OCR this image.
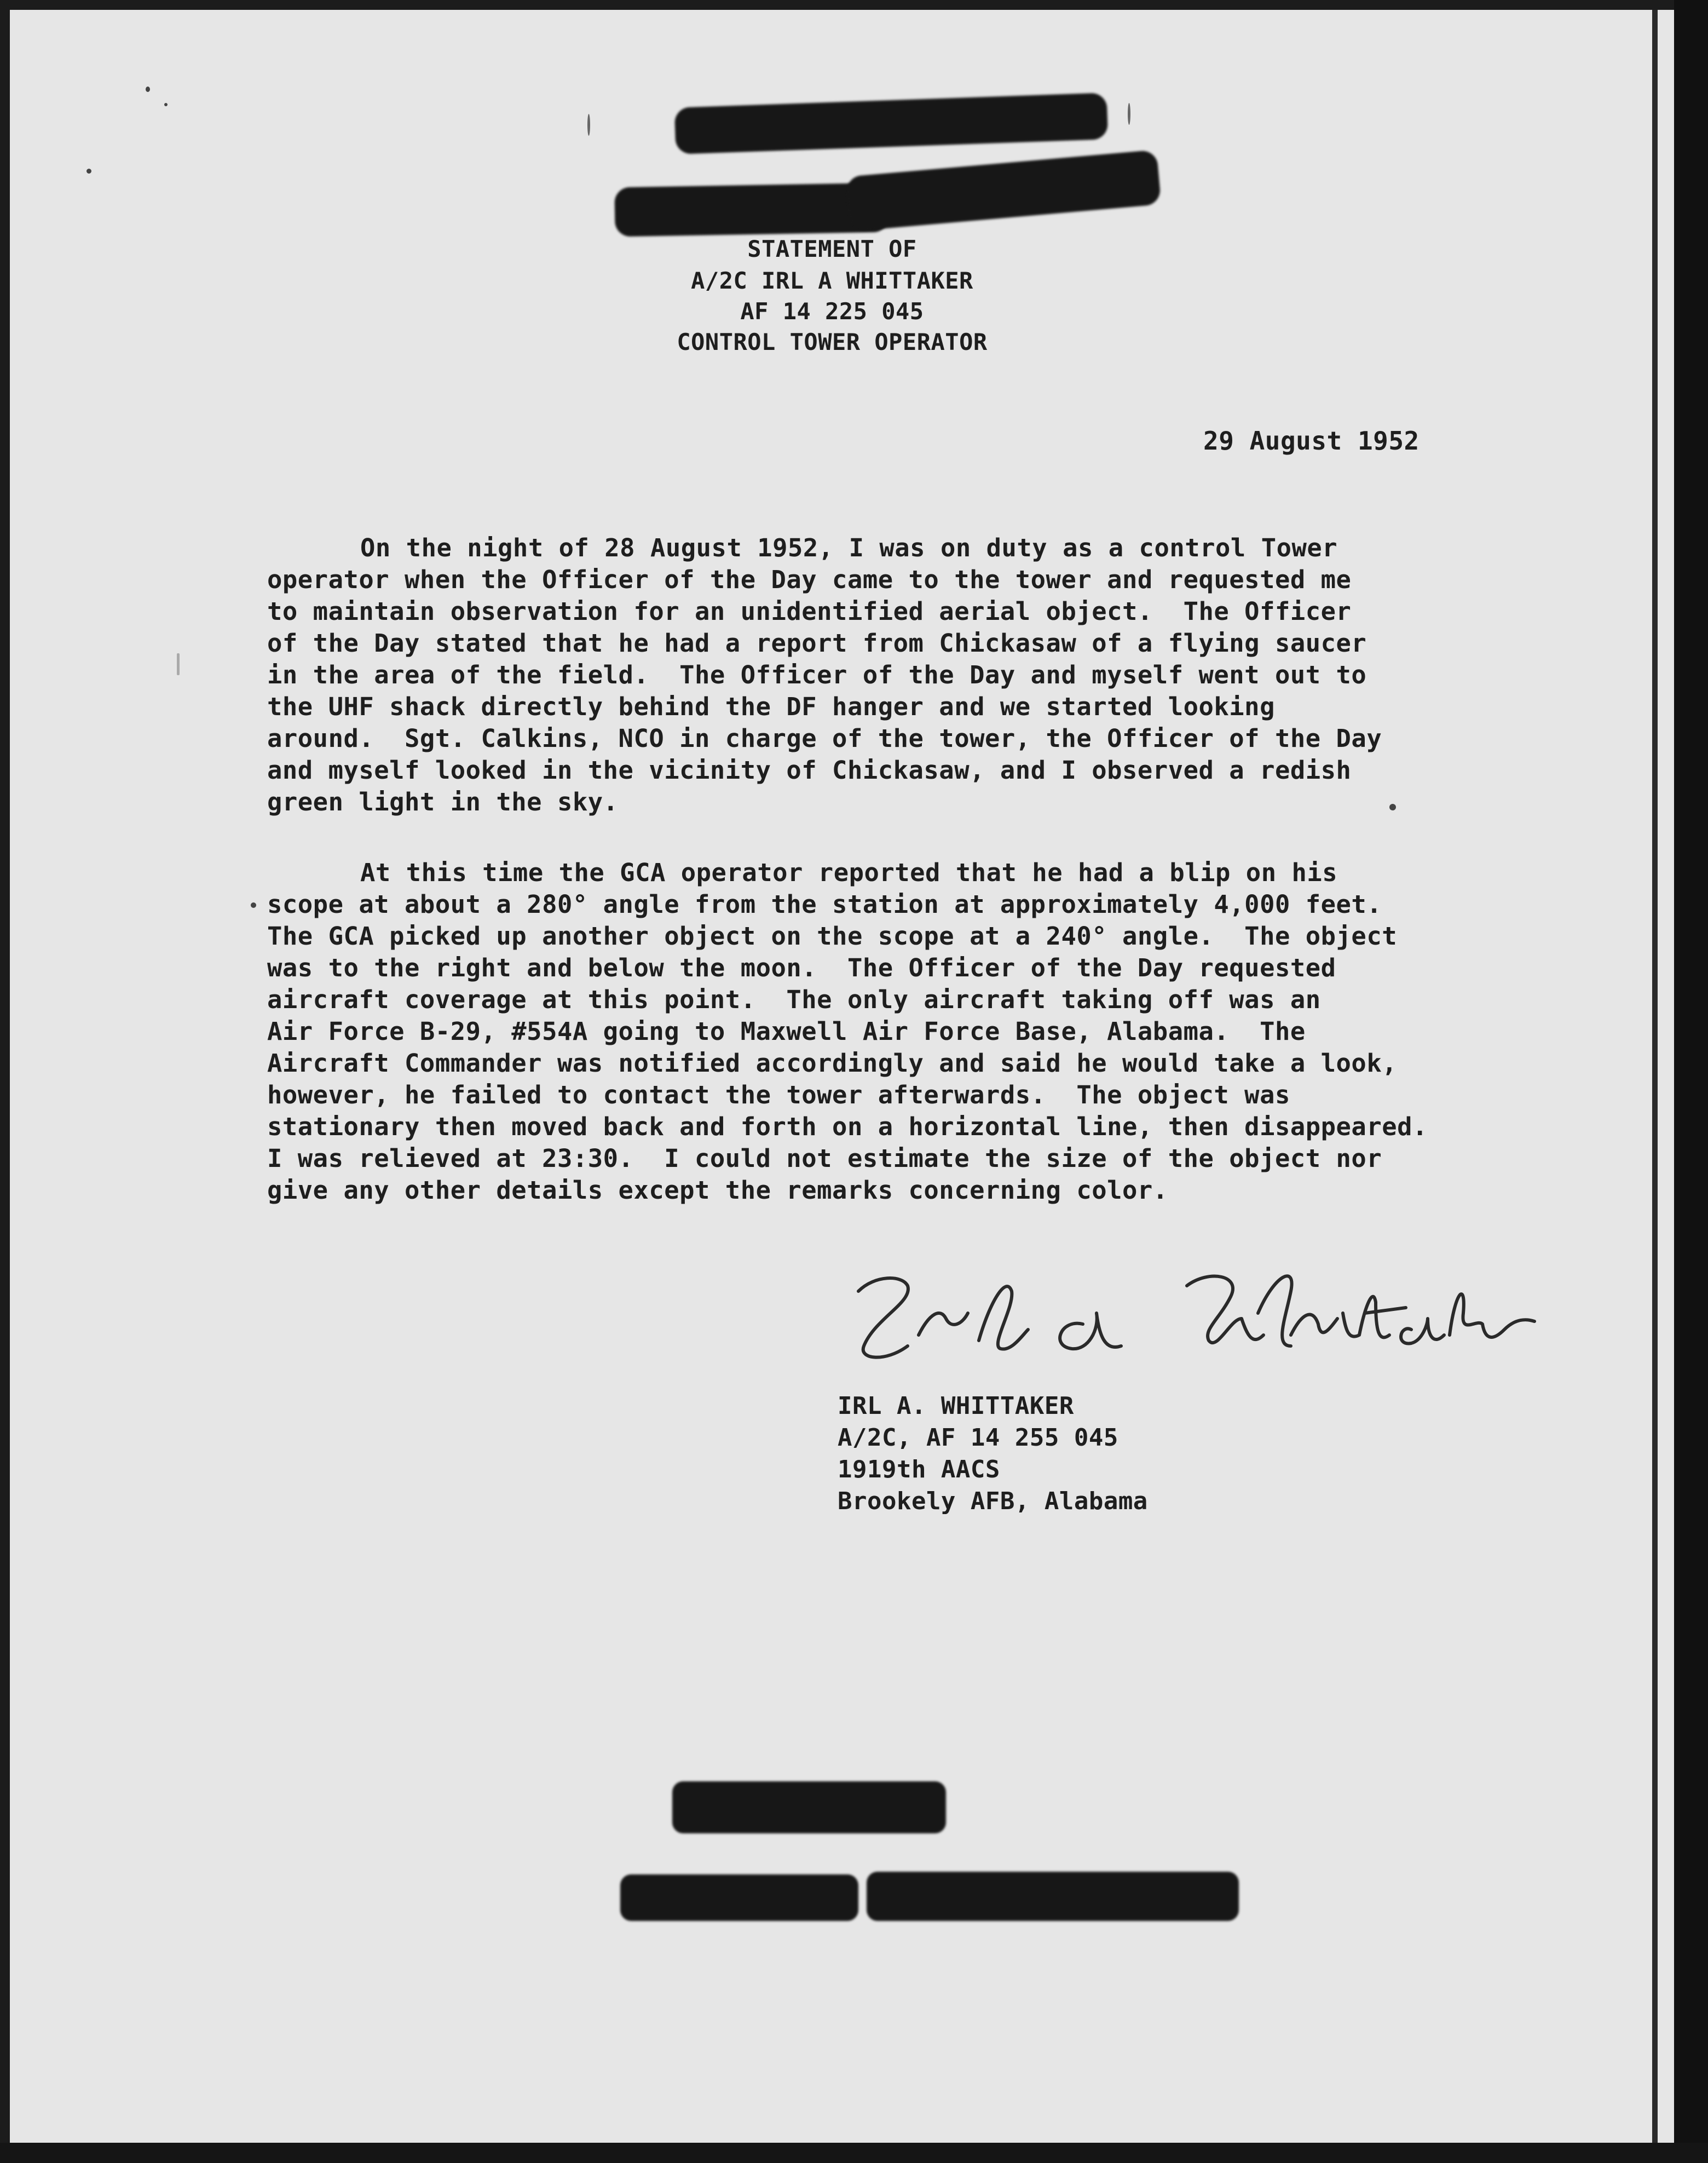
STATEMENT OF
A/2C IRL A WHITTAKER
AF 14 225 045
CONTROL TOWER OPERATOR
29 August 1952
On the night of 28 August 1952, I was on duty as a control Tower
operator when the Officer of the Day came to the tower and requested me
to maintain observation for an unidentified aerial object.  The Officer
of the Day stated that he had a report from Chickasaw of a flying saucer
in the area of the field.  The Officer of the Day and myself went out to
the UHF shack directly behind the DF hanger and we started looking
around.  Sgt. Calkins, NCO in charge of the tower, the Officer of the Day
and myself looked in the vicinity of Chickasaw, and I observed a redish
green light in the sky.
At this time the GCA operator reported that he had a blip on his
scope at about a 280° angle from the station at approximately 4,000 feet.
The GCA picked up another object on the scope at a 240° angle.  The object
was to the right and below the moon.  The Officer of the Day requested
aircraft coverage at this point.  The only aircraft taking off was an
Air Force B-29, #554A going to Maxwell Air Force Base, Alabama.  The
Aircraft Commander was notified accordingly and said he would take a look,
however, he failed to contact the tower afterwards.  The object was
stationary then moved back and forth on a horizontal line, then disappeared.
I was relieved at 23:30.  I could not estimate the size of the object nor
give any other details except the remarks concerning color.
IRL A. WHITTAKER
A/2C, AF 14 255 045
1919th AACS
Brookely AFB, Alabama
